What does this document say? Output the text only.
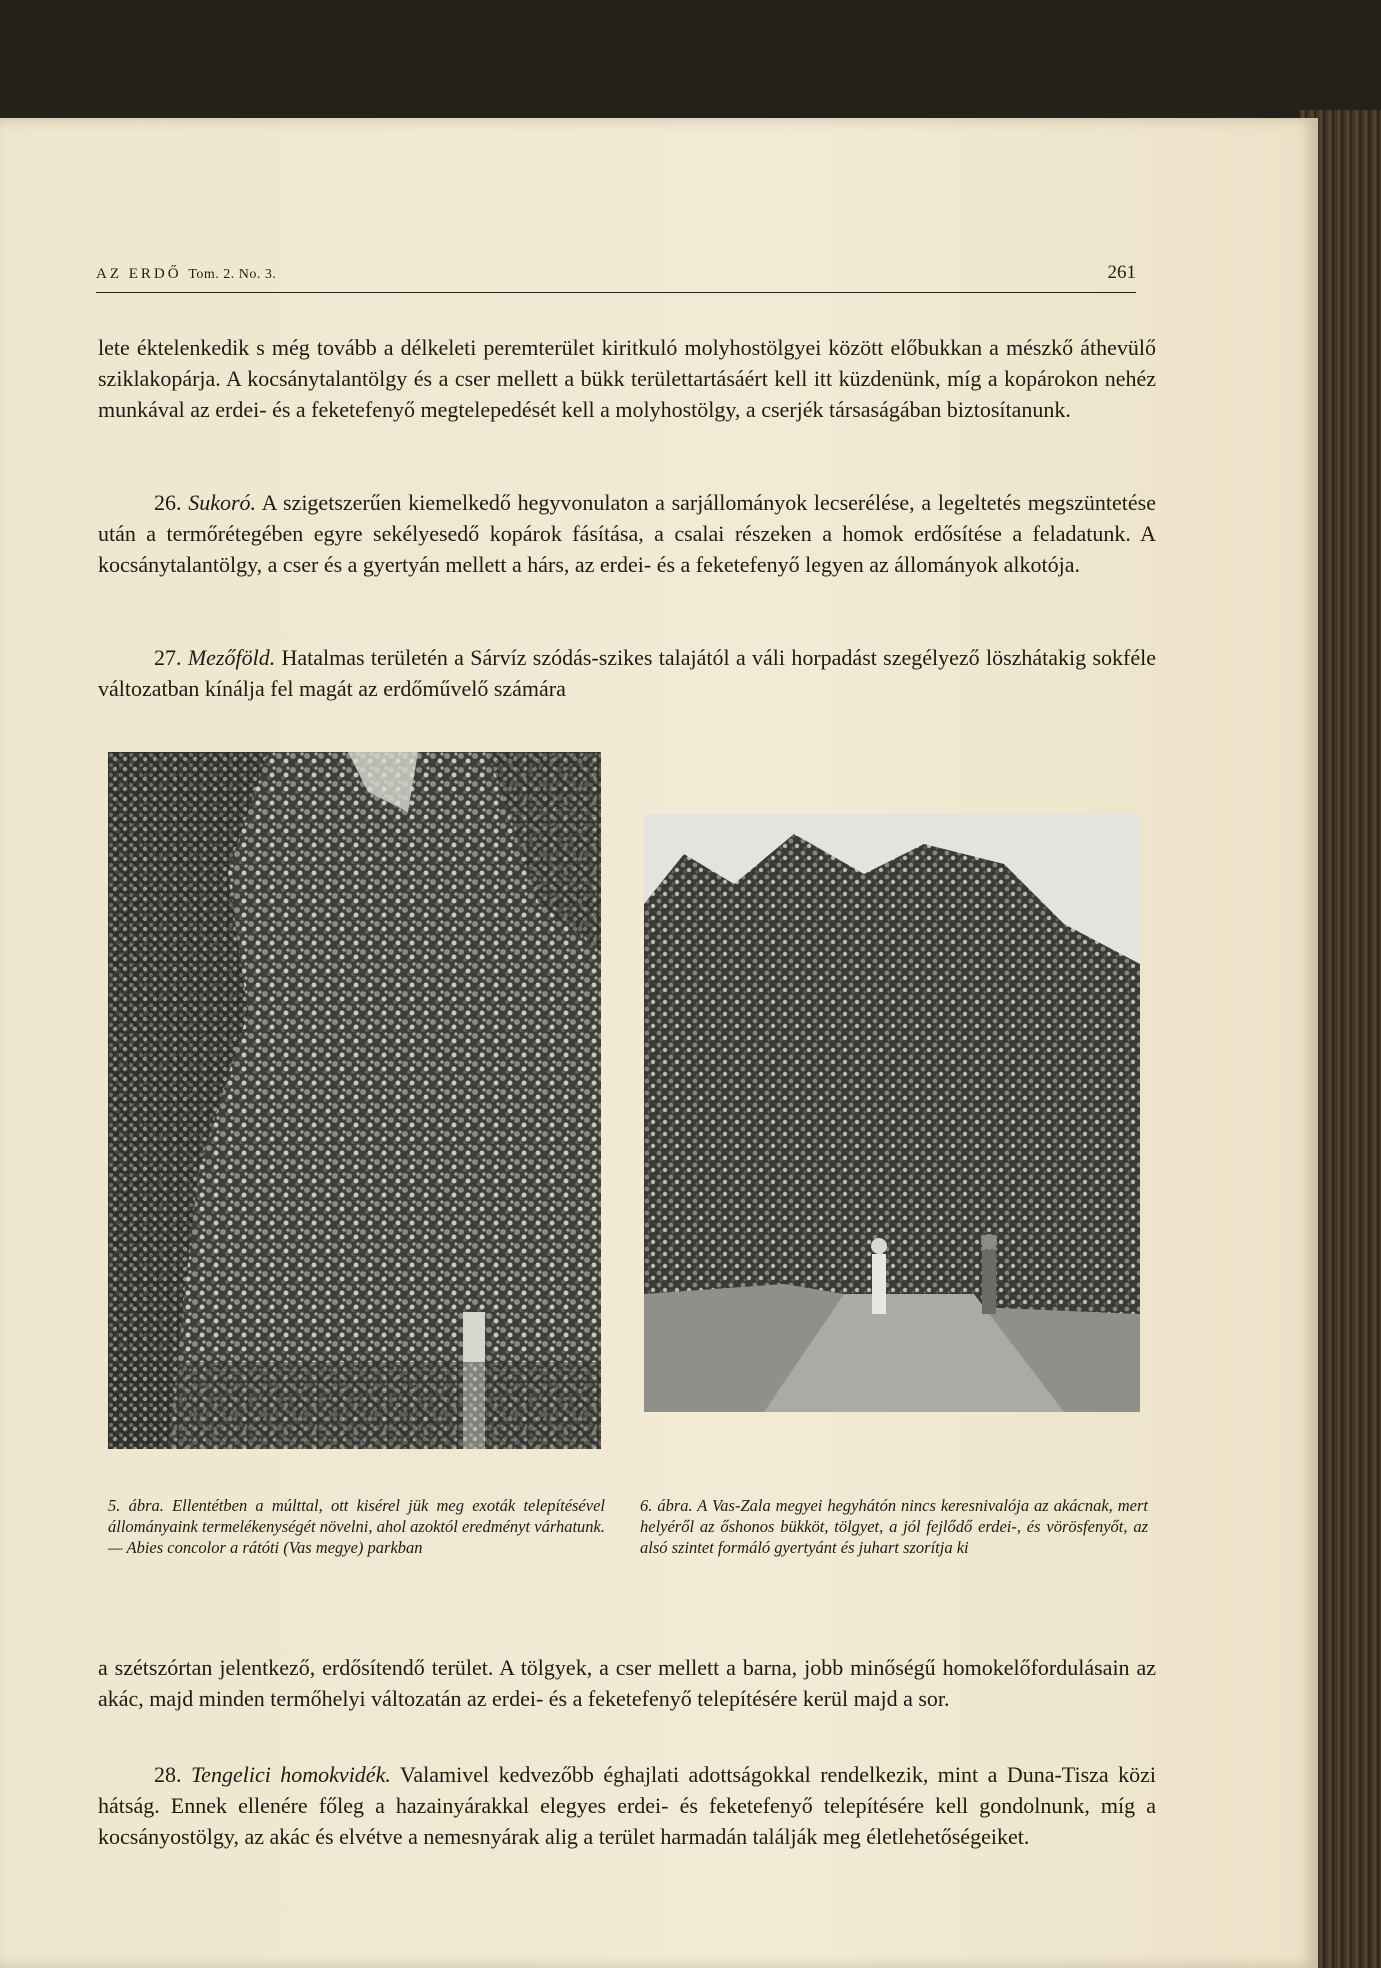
AZ ERDŐ Tom. 2. No. 3.	261

lete éktelenkedik s még tovább a délkeleti peremterület kiritkuló molyhostölgyei között előbukkan a mészkő áthevülő sziklakopárja. A kocsánytalantölgy és a cser mellett a bükk területtartásáért kell itt küzdenünk, míg a kopárokon nehéz munkával az erdei- és a feketefenyő megtelepedését kell a molyhostölgy, a cserjék társaságában biztosítanunk.

26. Sukoró. A szigetszerűen kiemelkedő hegyvonulaton a sarjállományok lecserélése, a legeltetés megszüntetése után a termőrétegében egyre sekélyesedő kopárok fásítása, a csalai részeken a homok erdősítése a feladatunk. A kocsánytalantölgy, a cser és a gyertyán mellett a hárs, az erdei- és a feketefenyő legyen az állományok alkotója.

27. Mezőföld. Hatalmas területén a Sárvíz szódás-szikes talajától a váli horpadást szegélyező löszhátakig sokféle változatban kínálja fel magát az erdőművelő számára

5. ábra. Ellentétben a múlttal, ott kisérel jük meg exoták telepítésével állományaink termelékenységét növelni, ahol azoktól eredményt várhatunk. — Abies concolor a rátóti (Vas megye) parkban

6. ábra. A Vas-Zala megyei hegyhátón nincs keresnivalója az akácnak, mert helyéről az őshonos bükköt, tölgyet, a jól fejlődő erdei-, és vörösfenyőt, az alsó szintet formáló gyertyánt és juhart szorítja ki

a szétszórtan jelentkező, erdősítendő terület. A tölgyek, a cser mellett a barna, jobb minőségű homokelőfordulásain az akác, majd minden termőhelyi változatán az erdei- és a feketefenyő telepítésére kerül majd a sor.

28. Tengelici homokvidék. Valamivel kedvezőbb éghajlati adottságokkal rendelkezik, mint a Duna-Tisza közi hátság. Ennek ellenére főleg a hazainyárakkal elegyes erdei- és feketefenyő telepítésére kell gondolnunk, míg a kocsányostölgy, az akác és elvétve a nemesnyárak alig a terület harmadán találják meg életlehetőségeiket.
